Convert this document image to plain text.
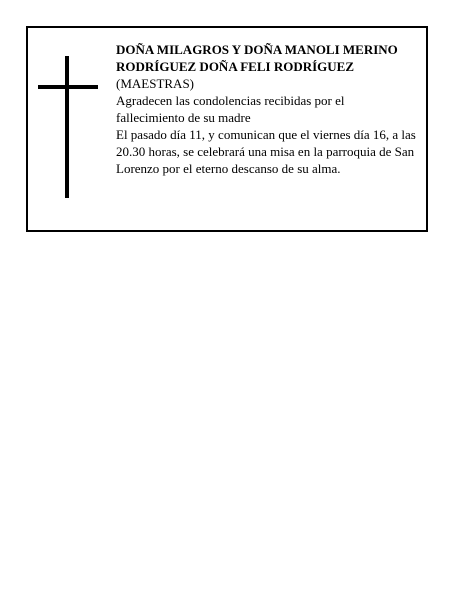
DOÑA MILAGROS Y DOÑA MANOLI MERINO RODRÍGUEZ DOÑA FELI RODRÍGUEZ

(MAESTRAS)

Agradecen las condolencias recibidas por el fallecimiento de su madre

El pasado día 11, y comunican que el viernes día 16, a las 20.30 horas, se celebrará una misa en la parroquia de San Lorenzo por el eterno descanso de su alma.
